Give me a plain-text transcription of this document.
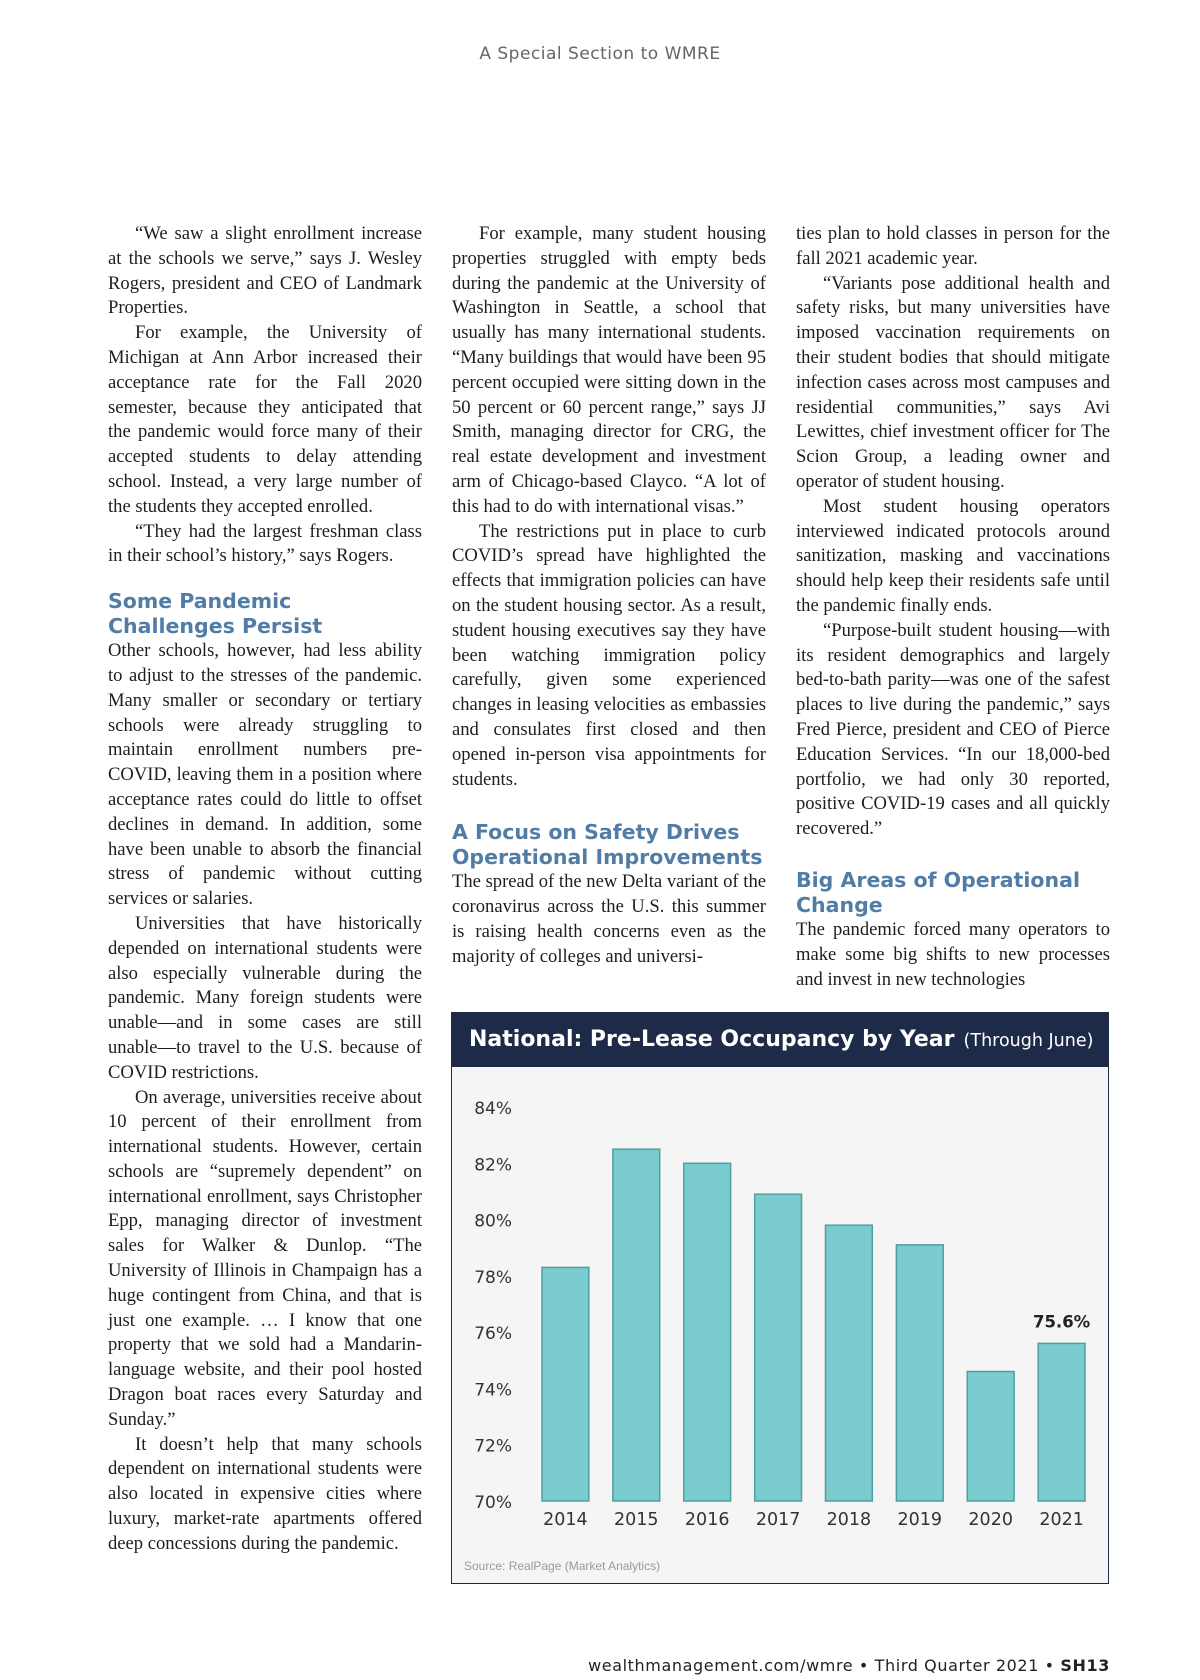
A Special Section to WMRE

“We saw a slight enrollment increase at the schools we serve,” says J. Wesley Rogers, president and CEO of Landmark Properties.

For example, the University of Michigan at Ann Arbor increased their acceptance rate for the Fall 2020 semester, because they anticipated that the pandemic would force many of their accepted students to delay attending school. Instead, a very large number of the students they accepted enrolled.

“They had the largest freshman class in their school’s history,” says Rogers.

Some Pandemic Challenges Persist

Other schools, however, had less ability to adjust to the stresses of the pandemic. Many smaller or secondary or tertiary schools were already struggling to maintain enrollment numbers pre-COVID, leaving them in a position where acceptance rates could do little to offset declines in demand. In addition, some have been unable to absorb the financial stress of pandemic without cutting services or salaries.

Universities that have historically depended on international students were also especially vulnerable during the pandemic. Many foreign students were unable—and in some cases are still unable—to travel to the U.S. because of COVID restrictions.

On average, universities receive about 10 percent of their enrollment from international students. However, certain schools are “supremely dependent” on international enrollment, says Christopher Epp, managing director of investment sales for Walker & Dunlop. “The University of Illinois in Champaign has a huge contingent from China, and that is just one example. … I know that one property that we sold had a Mandarin-language website, and their pool hosted Dragon boat races every Saturday and Sunday.”

It doesn’t help that many schools dependent on international students were also located in expensive cities where luxury, market-rate apartments offered deep concessions during the pandemic.

For example, many student housing properties struggled with empty beds during the pandemic at the University of Washington in Seattle, a school that usually has many international students. “Many buildings that would have been 95 percent occupied were sitting down in the 50 percent or 60 percent range,” says JJ Smith, managing director for CRG, the real estate development and investment arm of Chicago-based Clayco. “A lot of this had to do with international visas.”

The restrictions put in place to curb COVID’s spread have highlighted the effects that immigration policies can have on the student housing sector. As a result, student housing executives say they have been watching immigration policy carefully, given some experienced changes in leasing velocities as embassies and consulates first closed and then opened in-person visa appointments for students.

A Focus on Safety Drives Operational Improvements

The spread of the new Delta variant of the coronavirus across the U.S. this summer is raising health concerns even as the majority of colleges and universi-

ties plan to hold classes in person for the fall 2021 academic year.

“Variants pose additional health and safety risks, but many universities have imposed vaccination requirements on their student bodies that should mitigate infection cases across most campuses and residential communities,” says Avi Lewittes, chief investment officer for The Scion Group, a leading owner and operator of student housing.

Most student housing operators interviewed indicated protocols around sanitization, masking and vaccinations should help keep their residents safe until the pandemic finally ends.

“Purpose-built student housing—with its resident demographics and largely bed-to-bath parity—was one of the safest places to live during the pandemic,” says Fred Pierce, president and CEO of Pierce Education Services. “In our 18,000-bed portfolio, we had only 30 reported, positive COVID-19 cases and all quickly recovered.”

Big Areas of Operational Change

The pandemic forced many operators to make some big shifts to new processes and invest in new technologies

National: Pre-Lease Occupancy by Year (Through June)
70%
72%
74%
76%
78%
80%
82%
84%
2014 2015 2016 2017 2018 2019 2020 2021
75.6%
Source: RealPage (Market Analytics)
wealthmanagement.com/wmre • Third Quarter 2021 • SH13
